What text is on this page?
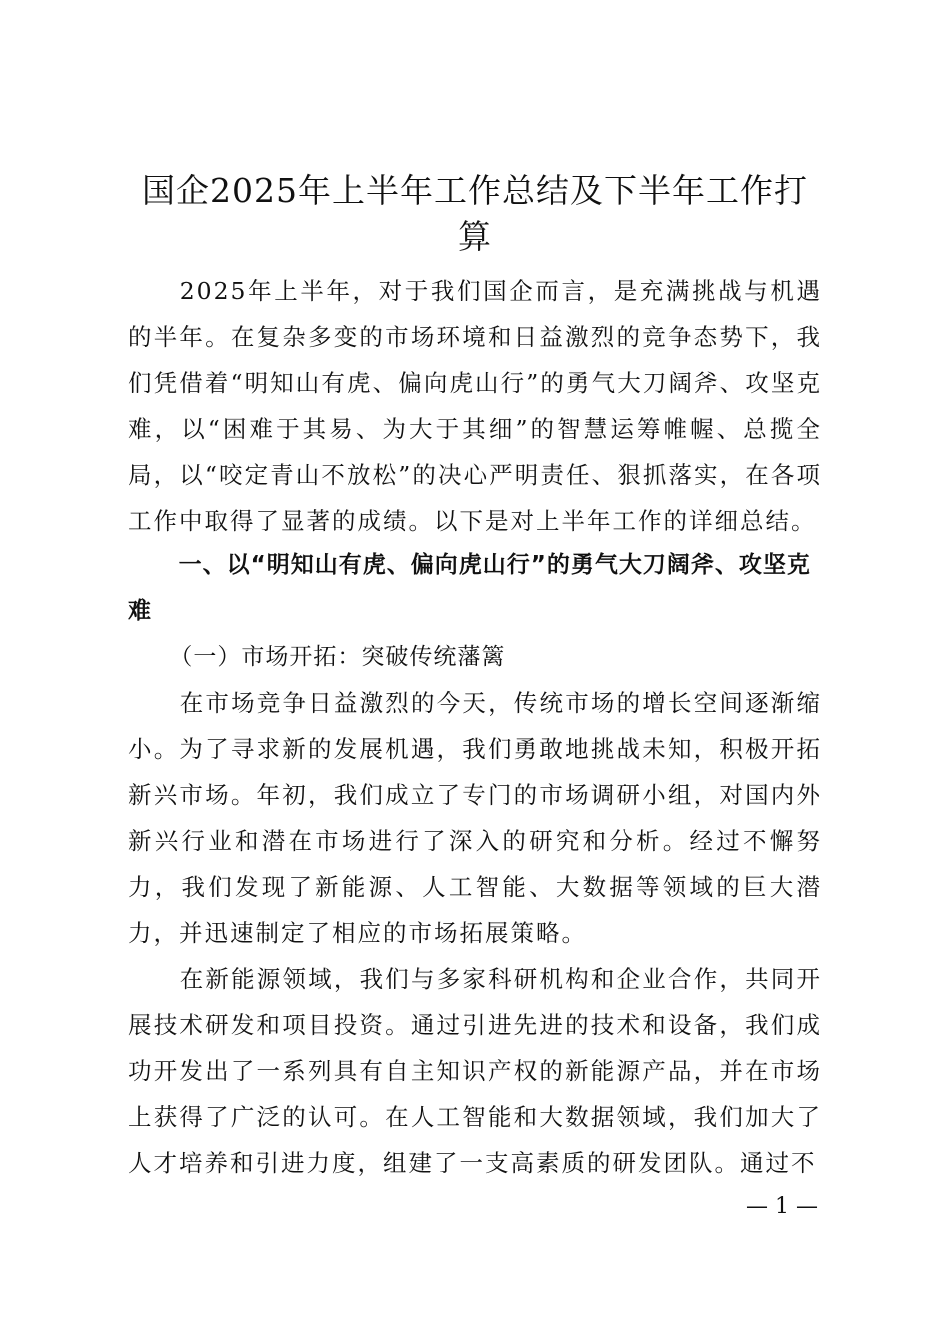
国企2025年上半年工作总结及下半年工作打算

2025年上半年，对于我们国企而言，是充满挑战与机遇的半年。在复杂多变的市场环境和日益激烈的竞争态势下，我们凭借着“明知山有虎、偏向虎山行”的勇气大刀阔斧、攻坚克难，以“困难于其易、为大于其细”的智慧运筹帷幄、总揽全局，以“咬定青山不放松”的决心严明责任、狠抓落实，在各项工作中取得了显著的成绩。以下是对上半年工作的详细总结。

一、以“明知山有虎、偏向虎山行”的勇气大刀阔斧、攻坚克难
（一）市场开拓：突破传统藩篱

在市场竞争日益激烈的今天，传统市场的增长空间逐渐缩小。为了寻求新的发展机遇，我们勇敢地挑战未知，积极开拓新兴市场。年初，我们成立了专门的市场调研小组，对国内外新兴行业和潜在市场进行了深入的研究和分析。经过不懈努力，我们发现了新能源、人工智能、大数据等领域的巨大潜力，并迅速制定了相应的市场拓展策略。

在新能源领域，我们与多家科研机构和企业合作，共同开展技术研发和项目投资。通过引进先进的技术和设备，我们成功开发出了一系列具有自主知识产权的新能源产品，并在市场上获得了广泛的认可。在人工智能和大数据领域，我们加大了人才培养和引进力度，组建了一支高素质的研发团队。通过不

— 1 —
